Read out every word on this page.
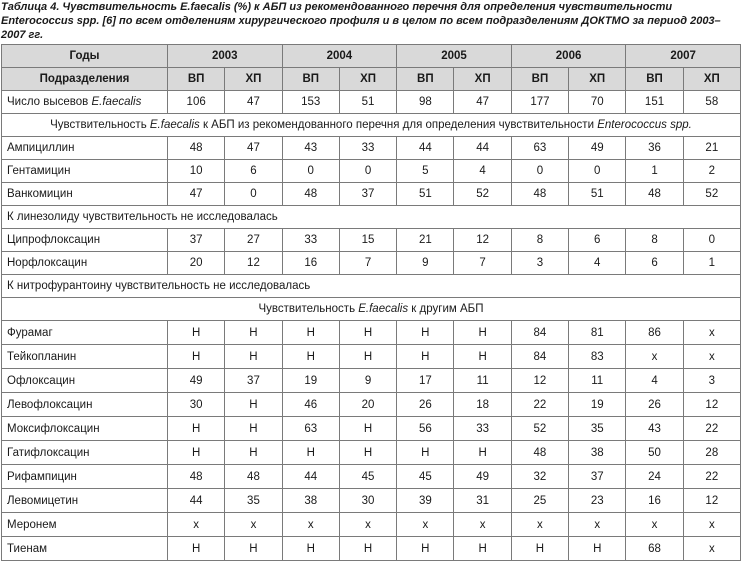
Таблица 4. Чувствительность E.faecalis (%) к АБП из рекомендованного перечня для определения чувствительности Enterococcus spp. [6] по всем отделениям хирургического профиля и в целом по всем подразделениям ДОКТМО за период 2003–2007 гг.
Годы	2003		2004		2005		2006		2007	
Подразделения	ВП	ХП	ВП	ХП	ВП	ХП	ВП	ХП	ВП	ХП
Число высевов E.faecalis	106	47	153	51	98	47	177	70	151	58
Чувствительность E.faecalis к АБП из рекомендованного перечня для определения чувствительности Enterococcus spp.										
Ампициллин	48	47	43	33	44	44	63	49	36	21
Гентамицин	10	6	0	0	5	4	0	0	1	2
Ванкомицин	47	0	48	37	51	52	48	51	48	52
К линезолиду чувствительность не исследовалась										
Ципрофлоксацин	37	27	33	15	21	12	8	6	8	0
Норфлоксацин	20	12	16	7	9	7	3	4	6	1
К нитрофурантоину чувствительность не исследовалась										
Чувствительность E.faecalis к другим АБП										
Фурамаг	Н	Н	Н	Н	Н	Н	84	81	86	х
Тейкопланин	Н	Н	Н	Н	Н	Н	84	83	х	х
Офлоксацин	49	37	19	9	17	11	12	11	4	3
Левофлоксацин	30	Н	46	20	26	18	22	19	26	12
Моксифлоксацин	Н	Н	63	Н	56	33	52	35	43	22
Гатифлоксацин	Н	Н	Н	Н	Н	Н	48	38	50	28
Рифампицин	48	48	44	45	45	49	32	37	24	22
Левомицетин	44	35	38	30	39	31	25	23	16	12
Меронем	х	х	х	х	х	х	х	х	х	х
Тиенам	Н	Н	Н	Н	Н	Н	Н	Н	68	х
